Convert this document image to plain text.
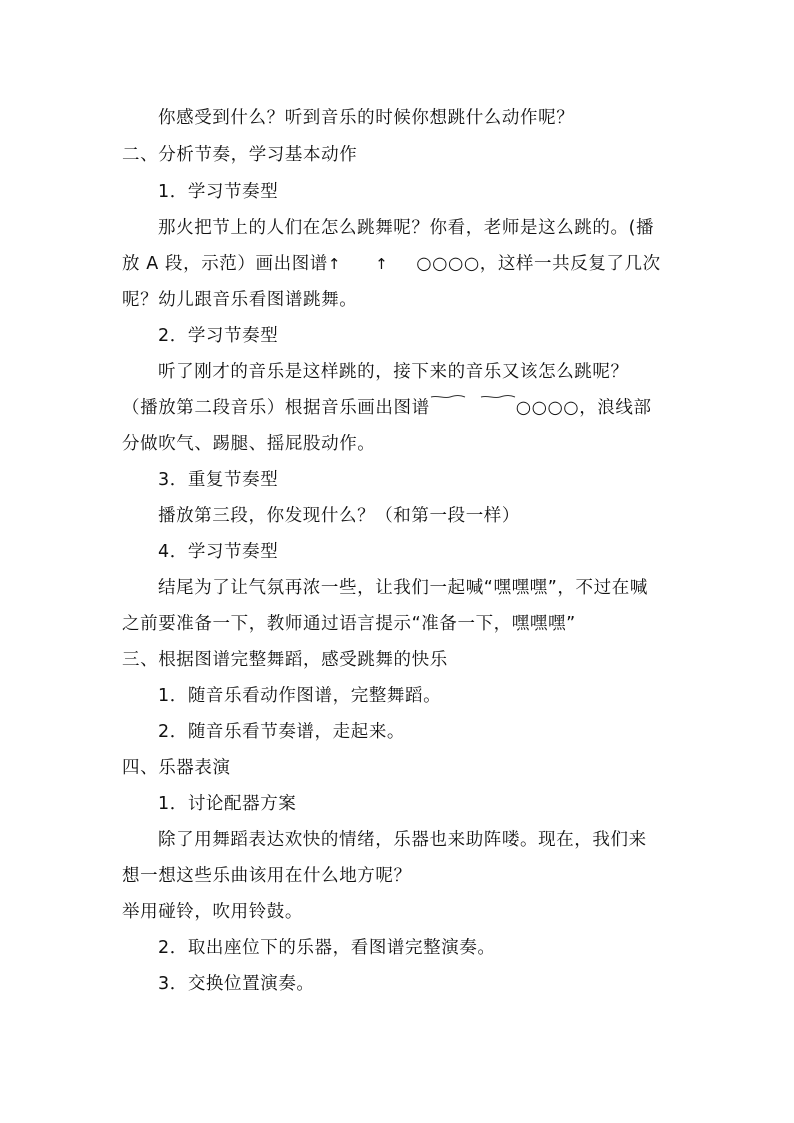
你感受到什么？听到音乐的时候你想跳什么动作呢？
二、分析节奏，学习基本动作
1．学习节奏型
那火把节上的人们在怎么跳舞呢？你看，老师是这么跳的。(播
放 A 段，示范）画出图谱↑ ↑ ○○○○，这样一共反复了几次
呢？幼儿跟音乐看图谱跳舞。
2．学习节奏型
听了刚才的音乐是这样跳的，接下来的音乐又该怎么跳呢？
（播放第二段音乐）根据音乐画出图谱	○○○○，浪线部
分做吹气、踢腿、摇屁股动作。
3．重复节奏型
播放第三段，你发现什么？（和第一段一样）
4．学习节奏型
结尾为了让气氛再浓一些，让我们一起喊“嘿嘿嘿”，不过在喊
之前要准备一下，教师通过语言提示“准备一下，嘿嘿嘿”
三、根据图谱完整舞蹈，感受跳舞的快乐
1．随音乐看动作图谱，完整舞蹈。
2．随音乐看节奏谱，走起来。
四、乐器表演
1．讨论配器方案
除了用舞蹈表达欢快的情绪，乐器也来助阵喽。现在，我们来
想一想这些乐曲该用在什么地方呢？
举用碰铃，吹用铃鼓。
2．取出座位下的乐器，看图谱完整演奏。
3．交换位置演奏。
